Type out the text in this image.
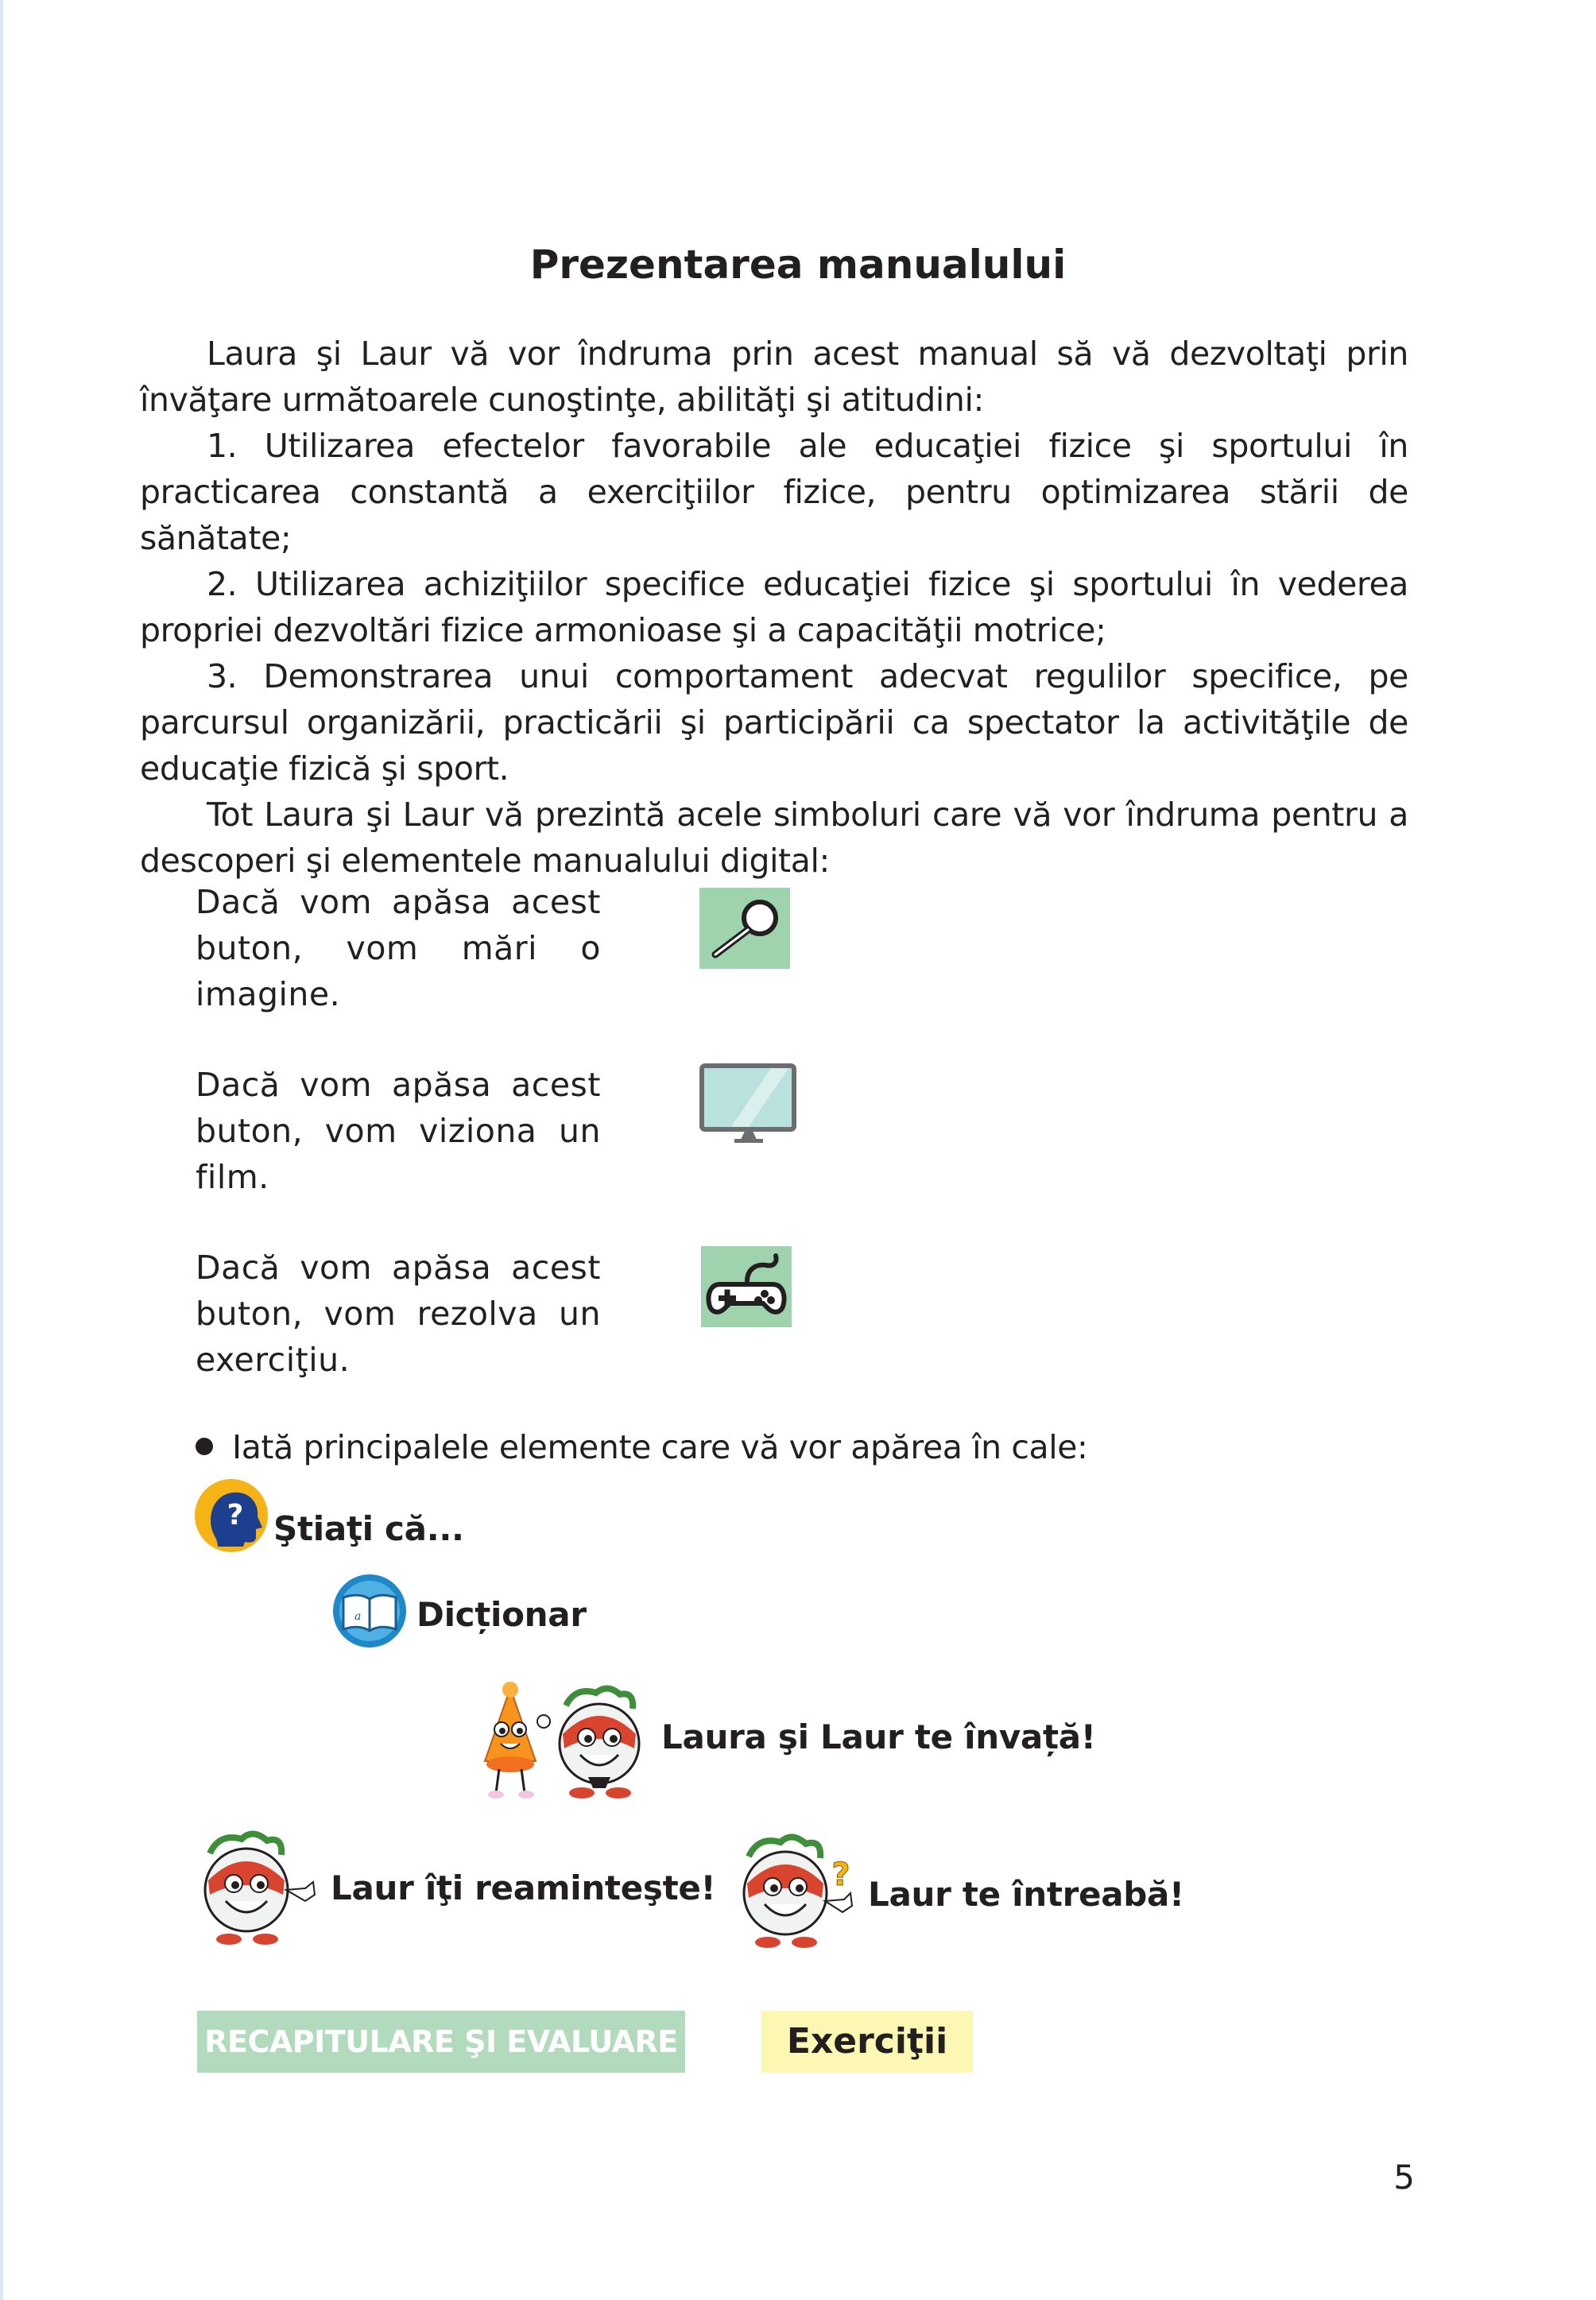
Prezentarea manualului

Laura şi Laur vă vor îndruma prin acest manual să vă dezvoltaţi prin învăţare următoarele cunoştinţe, abilităţi şi atitudini:

1. Utilizarea efectelor favorabile ale educaţiei fizice şi sportului în practicarea constantă a exerciţiilor fizice, pentru optimizarea stării de sănătate;

2. Utilizarea achiziţiilor specifice educaţiei fizice şi sportului în vederea propriei dezvoltări fizice armonioase şi a capacităţii motrice;

3. Demonstrarea unui comportament adecvat regulilor specifice, pe parcursul organizării, practicării şi participării ca spectator la activităţile de educaţie fizică şi sport.

Tot Laura şi Laur vă prezintă acele simboluri care vă vor îndruma pentru a descoperi şi elementele manualului digital:

Dacă vom apăsa acest buton, vom mări o imagine.
Dacă vom apăsa acest buton, vom viziona un film.
Dacă vom apăsa acest buton, vom rezolva un exerciţiu.
Iată principalele elemente care vă vor apărea în cale:
? Ştiaţi că...
a Dicționar
Laura şi Laur te învață!
Laur îţi reaminteşte!	? Laur te întreabă!
RECAPITULARE ŞI EVALUARE	Exerciţii
5
